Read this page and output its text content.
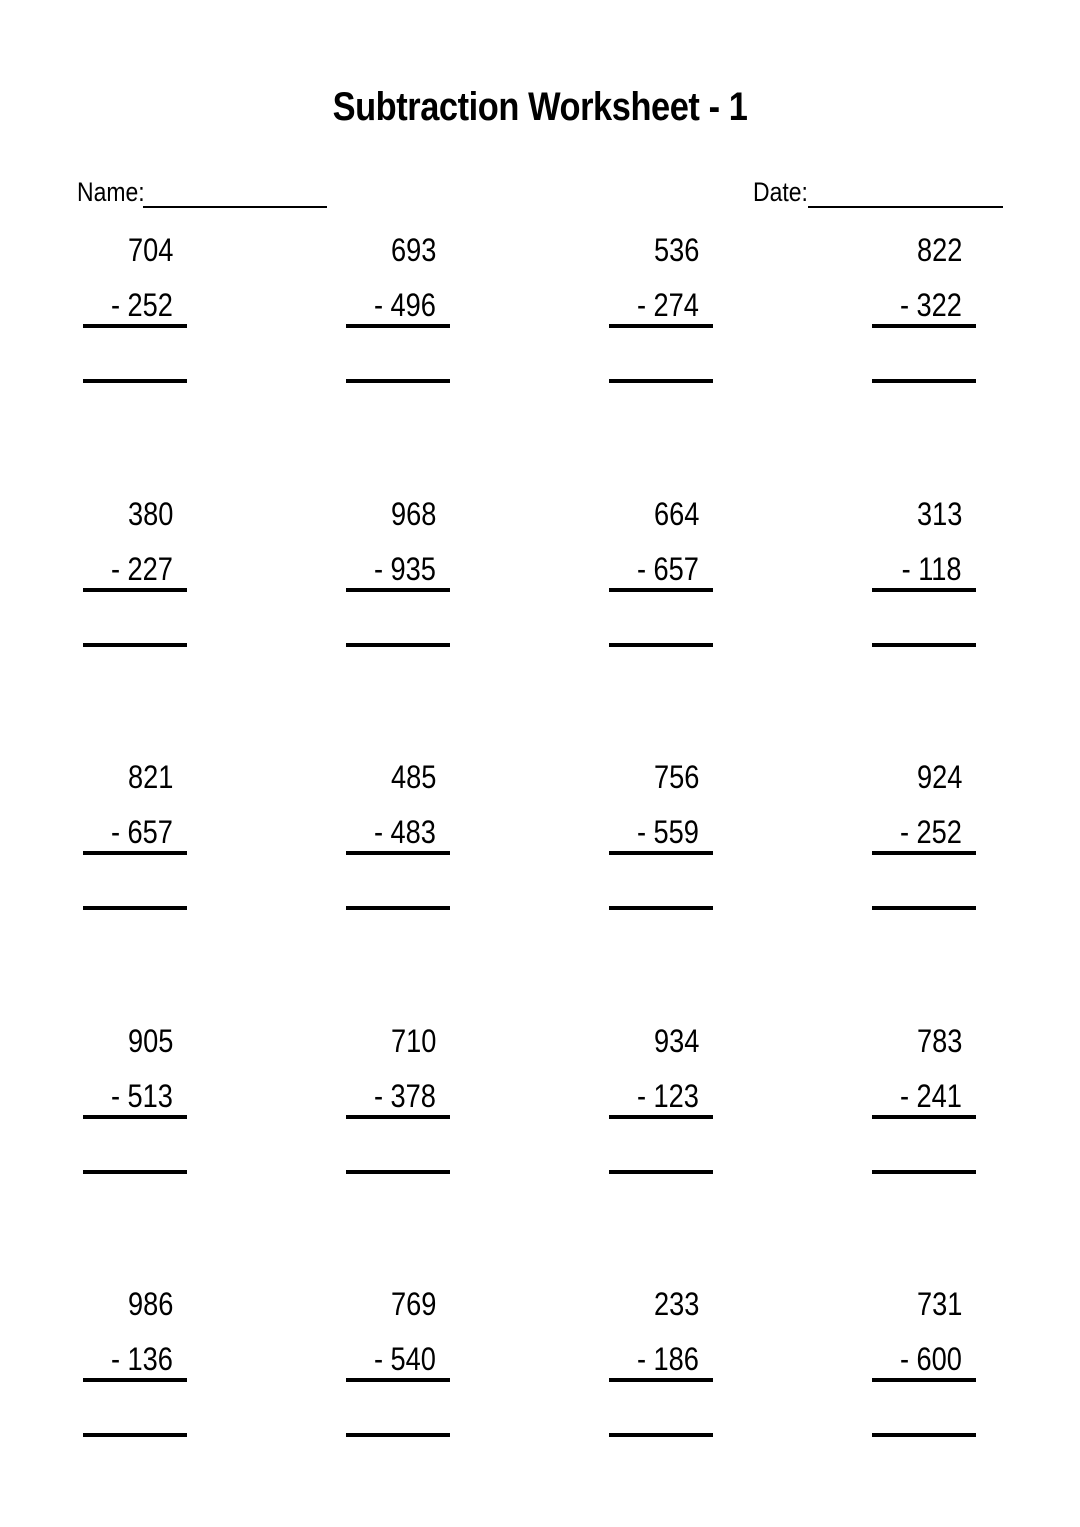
Subtraction Worksheet - 1
Name:	Date:
704
- 252
693
- 496
536
- 274
822
- 322
380
- 227
968
- 935
664
- 657
313
- 118
821
- 657
485
- 483
756
- 559
924
- 252
905
- 513
710
- 378
934
- 123
783
- 241
986
- 136
769
- 540
233
- 186
731
- 600
